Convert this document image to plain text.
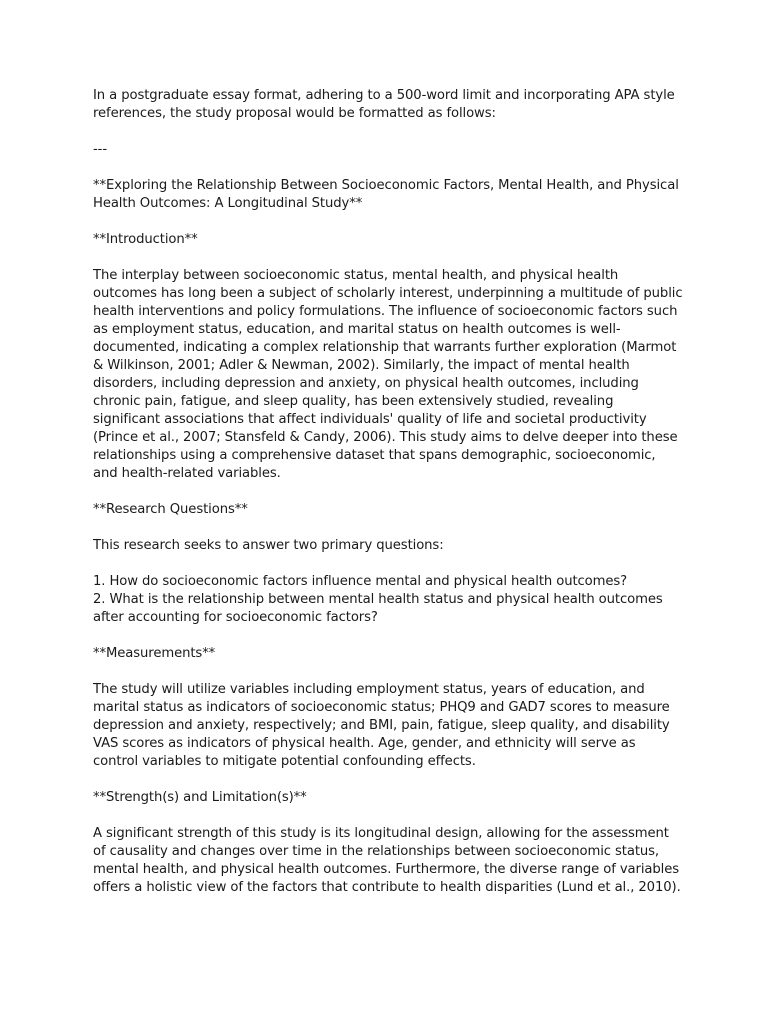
In a postgraduate essay format, adhering to a 500-word limit and incorporating APA style references, the study proposal would be formatted as follows:

---

**Exploring the Relationship Between Socioeconomic Factors, Mental Health, and Physical Health Outcomes: A Longitudinal Study**

**Introduction**

The interplay between socioeconomic status, mental health, and physical health outcomes has long been a subject of scholarly interest, underpinning a multitude of public health interventions and policy formulations. The influence of socioeconomic factors such as employment status, education, and marital status on health outcomes is well-documented, indicating a complex relationship that warrants further exploration (Marmot & Wilkinson, 2001; Adler & Newman, 2002). Similarly, the impact of mental health disorders, including depression and anxiety, on physical health outcomes, including chronic pain, fatigue, and sleep quality, has been extensively studied, revealing significant associations that affect individuals' quality of life and societal productivity (Prince et al., 2007; Stansfeld & Candy, 2006). This study aims to delve deeper into these relationships using a comprehensive dataset that spans demographic, socioeconomic, and health-related variables.

**Research Questions**

This research seeks to answer two primary questions:

1. How do socioeconomic factors influence mental and physical health outcomes?
2. What is the relationship between mental health status and physical health outcomes after accounting for socioeconomic factors?

**Measurements**

The study will utilize variables including employment status, years of education, and marital status as indicators of socioeconomic status; PHQ9 and GAD7 scores to measure depression and anxiety, respectively; and BMI, pain, fatigue, sleep quality, and disability VAS scores as indicators of physical health. Age, gender, and ethnicity will serve as control variables to mitigate potential confounding effects.

**Strength(s) and Limitation(s)**

A significant strength of this study is its longitudinal design, allowing for the assessment of causality and changes over time in the relationships between socioeconomic status, mental health, and physical health outcomes. Furthermore, the diverse range of variables offers a holistic view of the factors that contribute to health disparities (Lund et al., 2010).
